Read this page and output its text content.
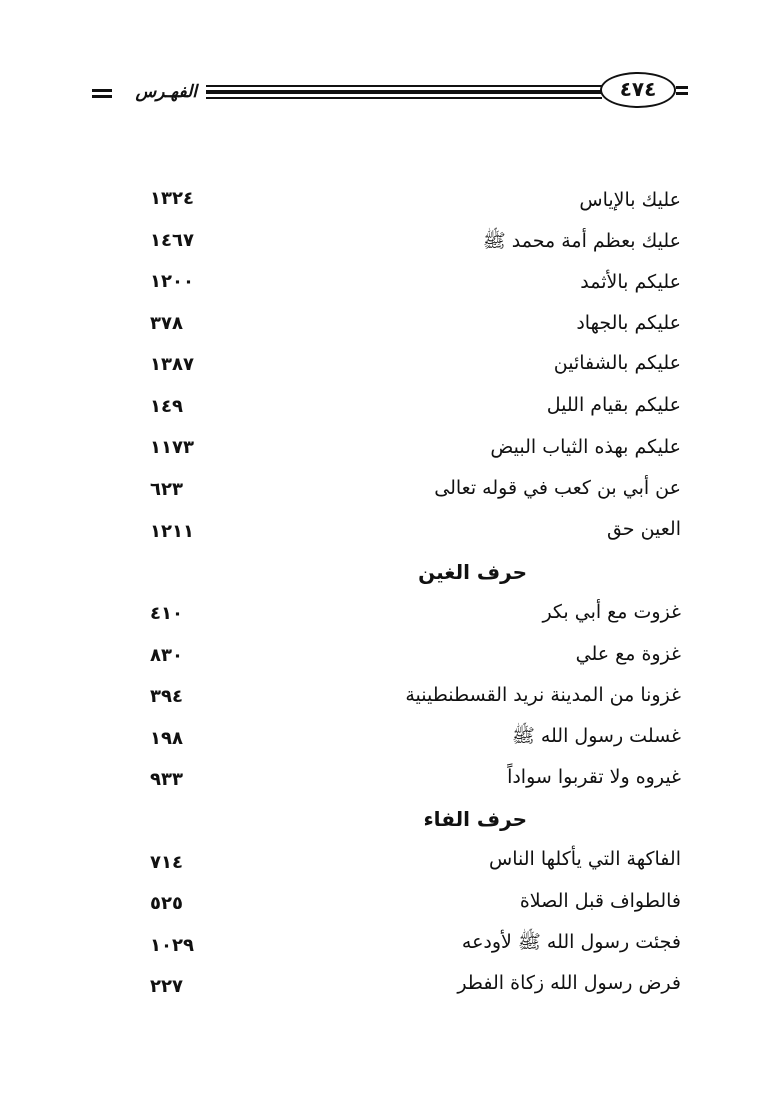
الفهـرس	٤٧٤
عليك بالإياس
١٣٢٤
عليك بعظم أمة محمد ﷺ
١٤٦٧
عليكم بالأثمد
١٢٠٠
عليكم بالجهاد
٣٧٨
عليكم بالشفائين
١٣٨٧
عليكم بقيام الليل
١٤٩
عليكم بهذه الثياب البيض
١١٧٣
عن أبي بن كعب في قوله تعالى
٦٢٣
العين حق
١٢١١
حرف الغين
غزوت مع أبي بكر
٤١٠
غزوة مع علي
٨٣٠
غزونا من المدينة نريد القسطنطينية
٣٩٤
غسلت رسول الله ﷺ
١٩٨
غيروه ولا تقربوا سواداً
٩٣٣
حرف الفاء
الفاكهة التي يأكلها الناس
٧١٤
فالطواف قبل الصلاة
٥٢٥
فجئت رسول الله ﷺ لأودعه
١٠٢٩
فرض رسول الله زكاة الفطر
٢٢٧
